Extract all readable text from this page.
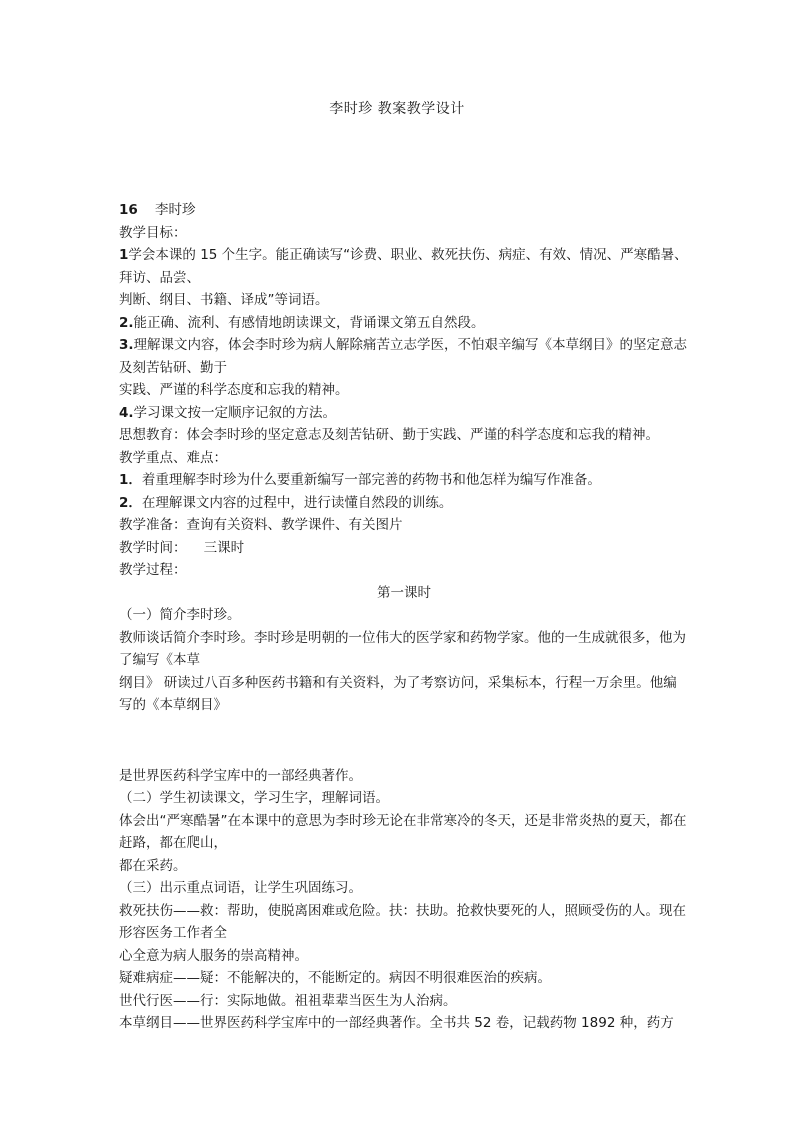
李时珍 教案教学设计
16 李时珍
教学目标：
1学会本课的 15 个生字。能正确读写“诊费、职业、救死扶伤、病症、有效、情况、严寒酷暑、拜访、品尝、
判断、纲目、书籍、译成”等词语。
2.能正确、流利、有感情地朗读课文，背诵课文第五自然段。
3.理解课文内容，体会李时珍为病人解除痛苦立志学医，不怕艰辛编写《本草纲目》的坚定意志及刻苦钻研、勤于
实践、严谨的科学态度和忘我的精神。
4.学习课文按一定顺序记叙的方法。
思想教育：体会李时珍的坚定意志及刻苦钻研、勤于实践、严谨的科学态度和忘我的精神。
教学重点、难点：
1．着重理解李时珍为什么要重新编写一部完善的药物书和他怎样为编写作准备。
2．在理解课文内容的过程中，进行读懂自然段的训练。
教学准备：查询有关资料、教学课件、有关图片
教学时间：    三课时
教学过程：
第一课时
（一）简介李时珍。
教师谈话简介李时珍。李时珍是明朝的一位伟大的医学家和药物学家。他的一生成就很多，他为了编写《本草
纲目》 研读过八百多种医药书籍和有关资料，为了考察访问，采集标本，行程一万余里。他编写的《本草纲目》
是世界医药科学宝库中的一部经典著作。
（二）学生初读课文，学习生字，理解词语。
体会出“严寒酷暑”在本课中的意思为李时珍无论在非常寒冷的冬天，还是非常炎热的夏天，都在赶路，都在爬山，
都在采药。
（三）出示重点词语，让学生巩固练习。
救死扶伤——救：帮助，使脱离困难或危险。扶：扶助。抢救快要死的人，照顾受伤的人。现在形容医务工作者全
心全意为病人服务的崇高精神。
疑难病症——疑：不能解决的，不能断定的。病因不明很难医治的疾病。
世代行医——行：实际地做。祖祖辈辈当医生为人治病。
本草纲目——世界医药科学宝库中的一部经典著作。全书共 52 卷，记载药物 1892 种，药方
